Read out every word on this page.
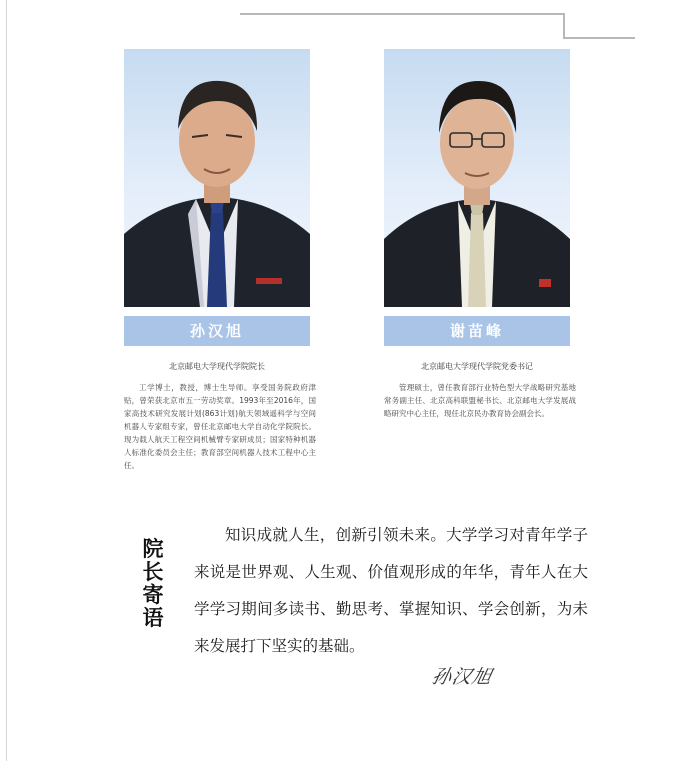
孙汉旭	谢苗峰
北京邮电大学现代学院院长	北京邮电大学现代学院党委书记

工学博士，教授，博士生导师。享受国务院政府津贴，曾荣获北京市五一劳动奖章。1993年至2016年，国家高技术研究发展计划(863计划)航天领域遥科学与空间机器人专家组专家，曾任北京邮电大学自动化学院院长。现为载人航天工程空间机械臂专家研成员；国家特种机器人标准化委员会主任；教育部空间机器人技术工程中心主任。

管理硕士，曾任教育部行业特色型大学战略研究基地常务副主任、北京高科联盟秘书长、北京邮电大学发展战略研究中心主任，现任北京民办教育协会副会长。

院
长
寄
语

知识成就人生，创新引领未来。大学学习对青年学子来说是世界观、人生观、价值观形成的年华，青年人在大学学习期间多读书、勤思考、掌握知识、学会创新，为未来发展打下坚实的基础。

孙汉旭
